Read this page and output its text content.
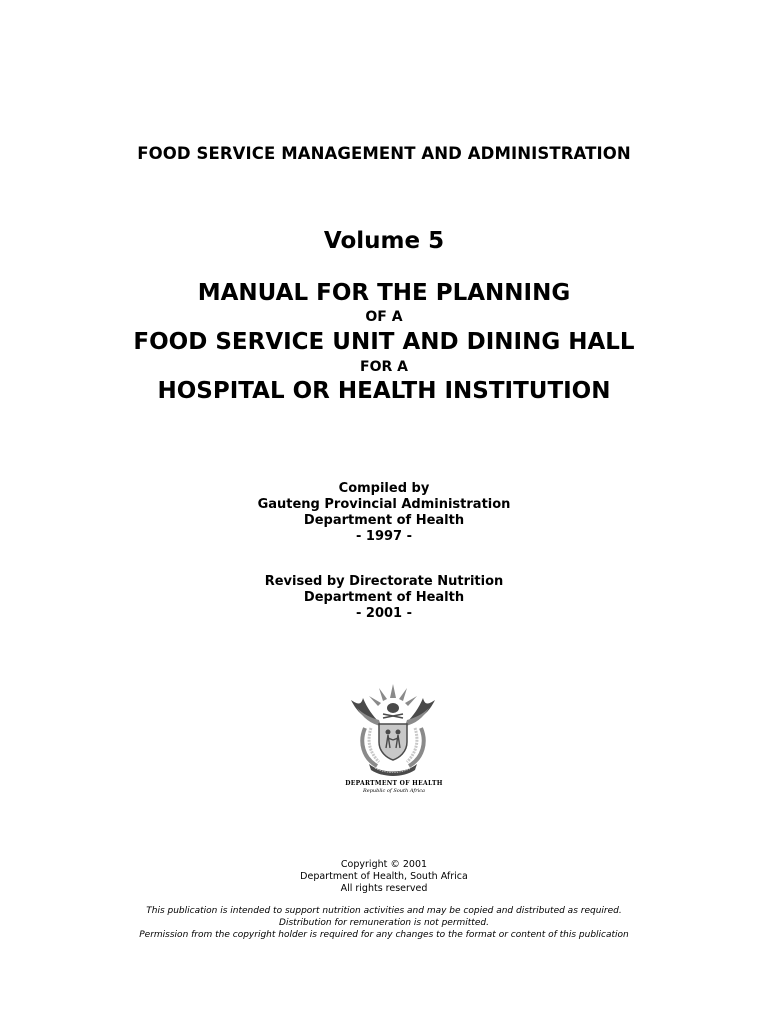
FOOD SERVICE MANAGEMENT AND ADMINISTRATION
Volume 5
MANUAL FOR THE PLANNING
OF A
FOOD SERVICE UNIT AND DINING HALL
FOR A
HOSPITAL OR HEALTH INSTITUTION
Compiled by
Gauteng Provincial Administration
Department of Health
- 1997 -
Revised by Directorate Nutrition
Department of Health
- 2001 -
DEPARTMENT OF HEALTH
Republic of South Africa
Copyright © 2001
Department of Health, South Africa
All rights reserved
This publication is intended to support nutrition activities and may be copied and distributed as required.
Distribution for remuneration is not permitted.
Permission from the copyright holder is required for any changes to the format or content of this publication
